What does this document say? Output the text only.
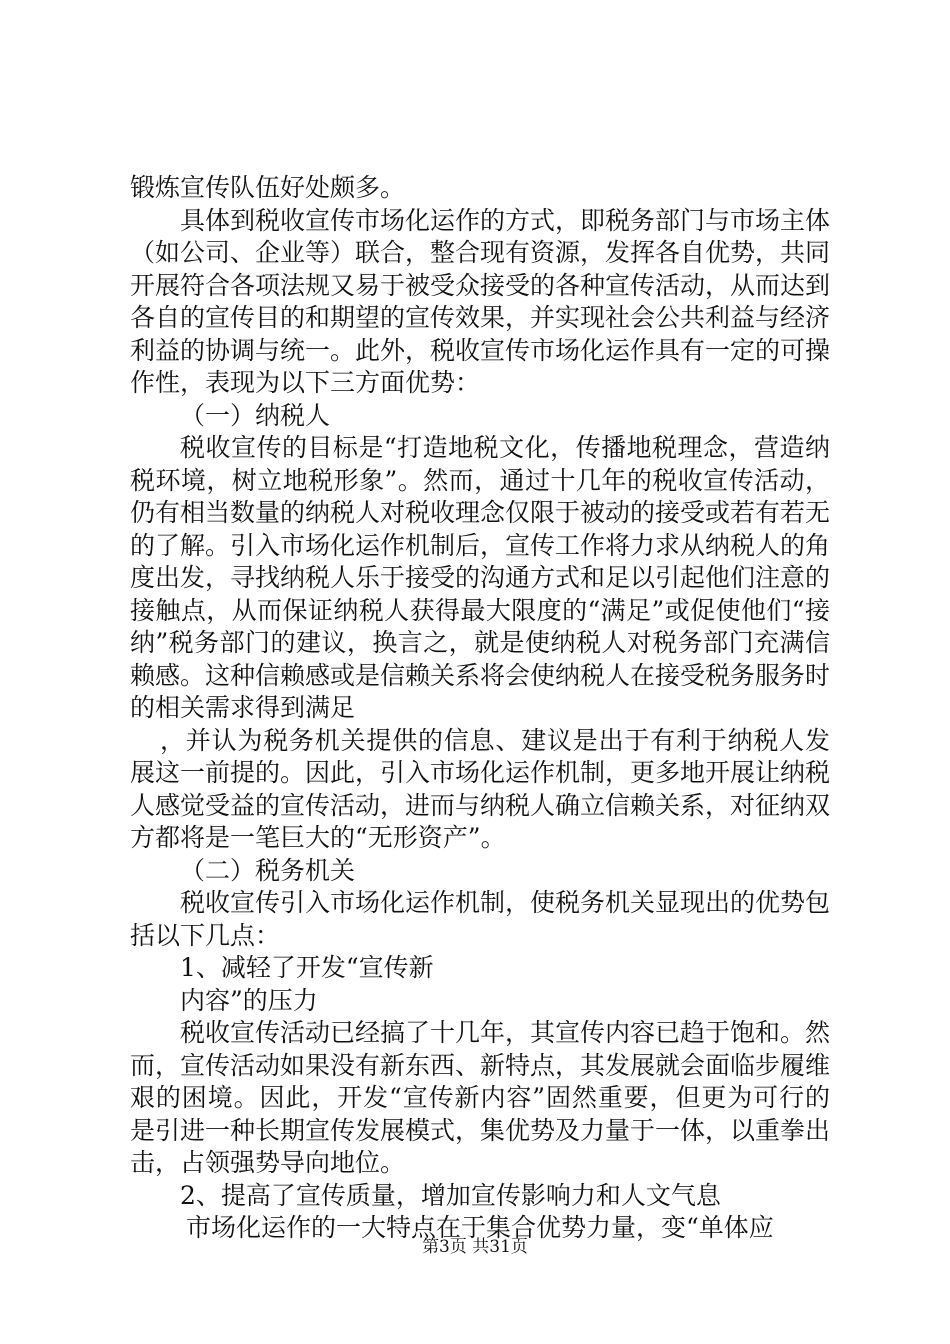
锻炼宣传队伍好处颇多。

具体到税收宣传市场化运作的方式，即税务部门与市场主体（如公司、企业等）联合，整合现有资源，发挥各自优势，共同开展符合各项法规又易于被受众接受的各种宣传活动，从而达到各自的宣传目的和期望的宣传效果，并实现社会公共利益与经济利益的协调与统一。此外，税收宣传市场化运作具有一定的可操作性，表现为以下三方面优势：

（一）纳税人

税收宣传的目标是“打造地税文化，传播地税理念，营造纳税环境，树立地税形象”。然而，通过十几年的税收宣传活动，仍有相当数量的纳税人对税收理念仅限于被动的接受或若有若无的了解。引入市场化运作机制后，宣传工作将力求从纳税人的角度出发，寻找纳税人乐于接受的沟通方式和足以引起他们注意的接触点，从而保证纳税人获得最大限度的“满足”或促使他们“接纳”税务部门的建议，换言之，就是使纳税人对税务部门充满信赖感。这种信赖感或是信赖关系将会使纳税人在接受税务服务时的相关需求得到满足

，并认为税务机关提供的信息、建议是出于有利于纳税人发展这一前提的。因此，引入市场化运作机制，更多地开展让纳税人感觉受益的宣传活动，进而与纳税人确立信赖关系，对征纳双方都将是一笔巨大的“无形资产”。

（二）税务机关

税收宣传引入市场化运作机制，使税务机关显现出的优势包括以下几点：

1、减轻了开发“宣传新

内容”的压力

税收宣传活动已经搞了十几年，其宣传内容已趋于饱和。然而，宣传活动如果没有新东西、新特点，其发展就会面临步履维艰的困境。因此，开发“宣传新内容”固然重要，但更为可行的是引进一种长期宣传发展模式，集优势及力量于一体，以重拳出击，占领强势导向地位。

2、提高了宣传质量，增加宣传影响力和人文气息

市场化运作的一大特点在于集合优势力量，变“单体应

第3页 共31页
